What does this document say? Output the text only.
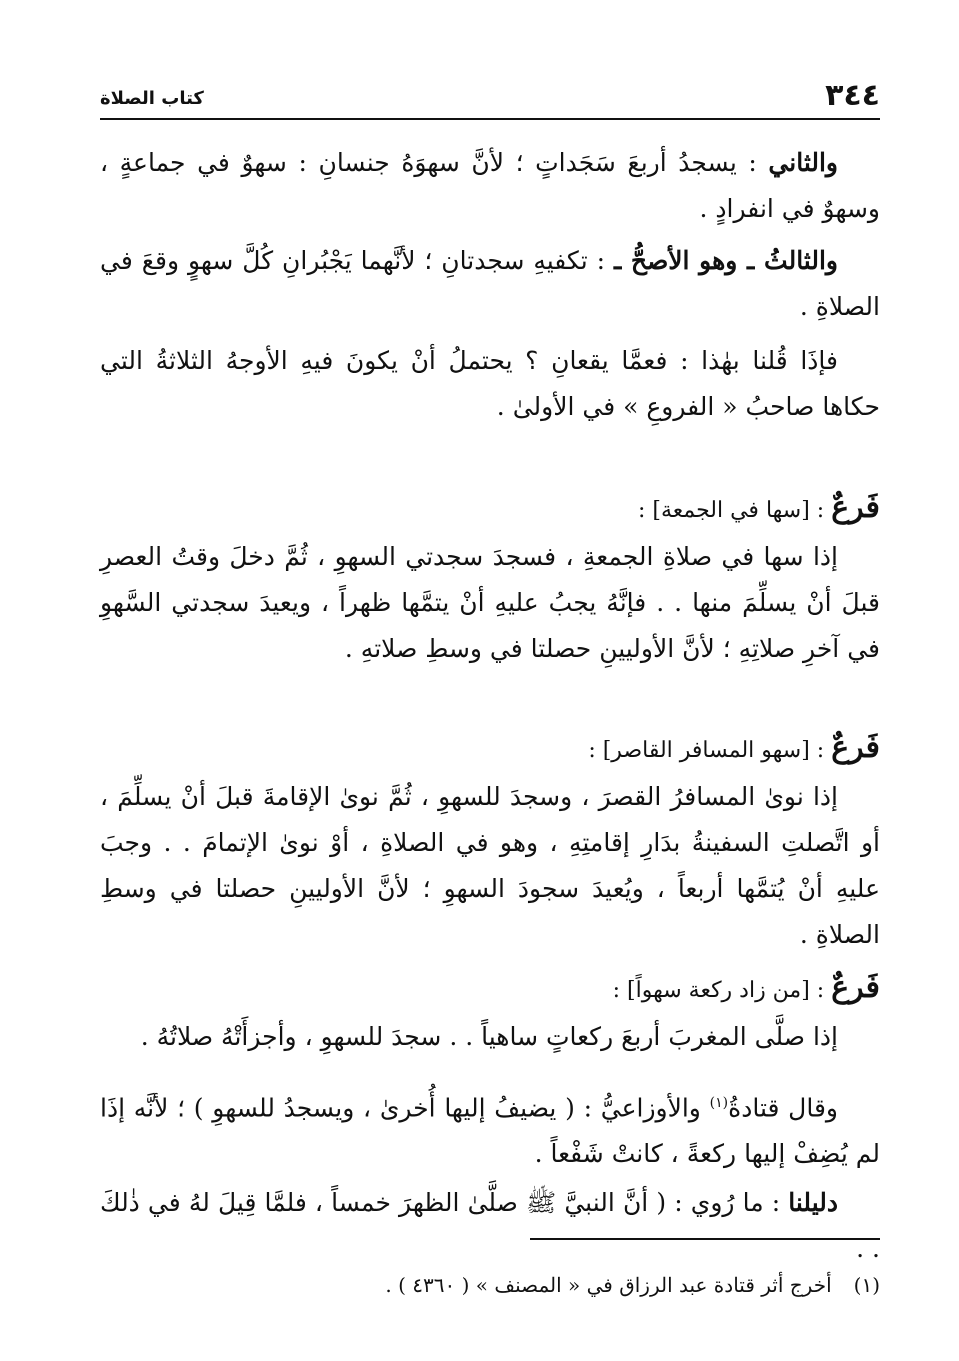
٣٤٤
كتاب الصلاة

والثاني : يسجدُ أربعَ سَجَداتٍ ؛ لأنَّ سهوَهُ جنسانِ : سهوٌ في جماعةٍ ، وسهوٌ في انفرادٍ .

والثالثُ ـ وهو الأصحُّ ـ : تكفيهِ سجدتانِ ؛ لأنَّهما يَجْبُرانِ كُلَّ سهوٍ وقعَ في الصلاةِ .

فإذَا قُلنا بهٰذا : فعمَّا يقعانِ ؟ يحتملُ أنْ يكونَ فيهِ الأوجهُ الثلاثةُ التي حكاها صاحبُ « الفروعِ » في الأولىٰ .

فَرعٌ : [سها في الجمعة] :

إذا سها في صلاةِ الجمعةِ ، فسجدَ سجدتي السهوِ ، ثُمَّ دخلَ وقتُ العصرِ قبلَ أنْ يسلِّمَ منها . . فإنَّهُ يجبُ عليهِ أنْ يتمَّها ظهراً ، ويعيدَ سجدتي السَّهوِ في آخرِ صلاتِهِ ؛ لأنَّ الأوليينِ حصلتا في وسطِ صلاتهِ .

فَرعٌ : [سهو المسافر القاصر] :

إذا نوىٰ المسافرُ القصرَ ، وسجدَ للسهوِ ، ثُمَّ نوىٰ الإقامةَ قبلَ أنْ يسلِّمَ ، أو اتَّصلتِ السفينةُ بدَارِ إقامتِهِ ، وهو في الصلاةِ ، أوْ نوىٰ الإتمامَ . . وجبَ عليهِ أنْ يُتمَّها أربعاً ، ويُعيدَ سجودَ السهوِ ؛ لأنَّ الأوليينِ حصلتا في وسطِ الصلاةِ .

فَرعٌ : [من زاد ركعة سهواً] :

إذا صلَّى المغربَ أربعَ ركعاتٍ ساهياً . . سجدَ للسهوِ ، وأجزأَتْهُ صلاتُهُ .

وقال قتادةُ$^{(١)}$ والأوزاعيُّ : ( يضيفُ إليها أُخرىٰ ، ويسجدُ للسهوِ ) ؛ لأنَّه إذَا لم يُضِفْ إليها ركعةً ، كانتْ شَفْعاً .

دليلنا : ما رُوي : ( أنَّ النبيَّ ﷺ صلَّىٰ الظهرَ خمساً ، فلمَّا قِيلَ لهُ في ذٰلكَ . .

(١)أخرج أثر قتادة عبد الرزاق في « المصنف » ( ٤٣٦٠ ) .
